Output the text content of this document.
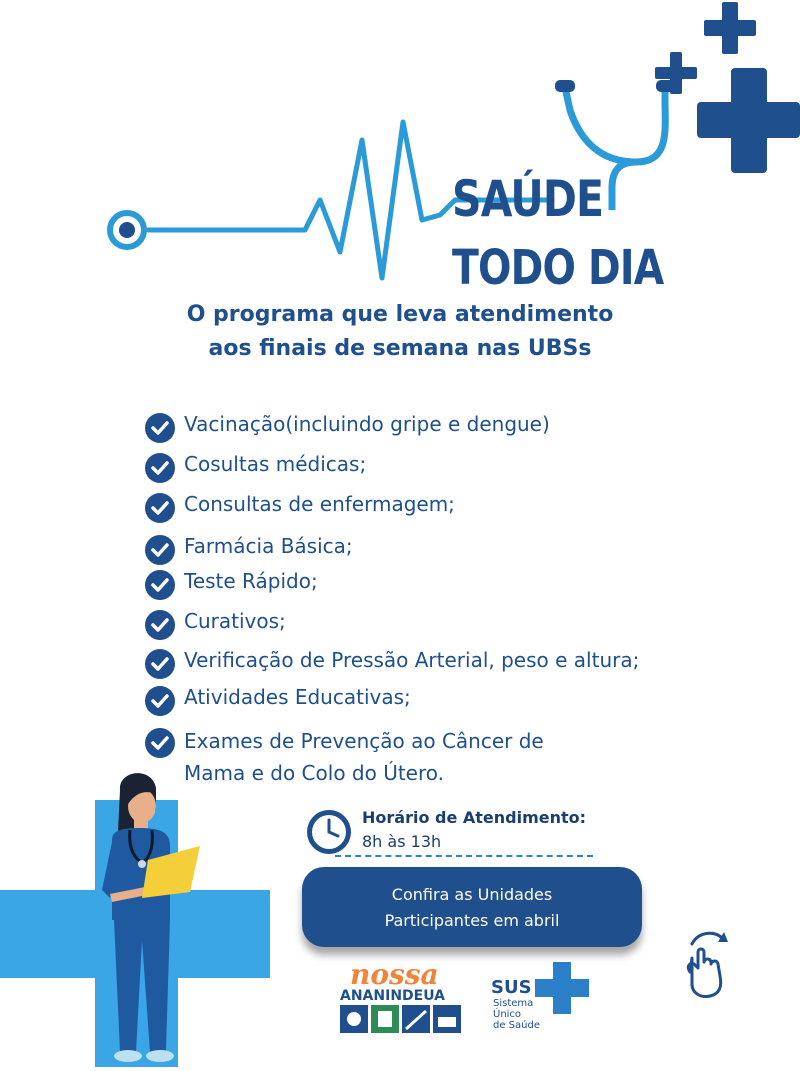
SAÚDE
TODO DIA
O programa que leva atendimento
aos finais de semana nas UBSs
Vacinação(incluindo gripe e dengue)
Cosultas médicas;
Consultas de enfermagem;
Farmácia Básica;
Teste Rápido;
Curativos;
Verificação de Pressão Arterial, peso e altura;
Atividades Educativas;
Exames de Prevenção ao Câncer de
Mama e do Colo do Útero.
Horário de Atendimento:
8h às 13h
Confira as Unidades
Participantes em abril
nossa
ANANINDEUA	SUS
Sistema
Único
de Saúde
